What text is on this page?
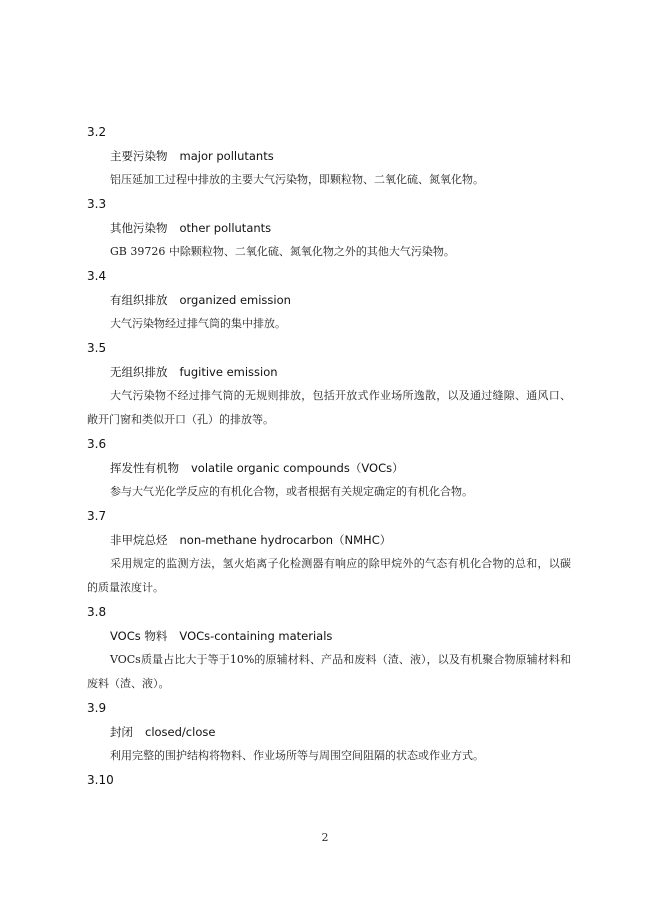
3.2
主要污染物 major pollutants
铝压延加工过程中排放的主要大气污染物，即颗粒物、二氧化硫、氮氧化物。
3.3
其他污染物 other pollutants
GB 39726 中除颗粒物、二氧化硫、氮氧化物之外的其他大气污染物。
3.4
有组织排放 organized emission
大气污染物经过排气筒的集中排放。
3.5
无组织排放 fugitive emission
大气污染物不经过排气筒的无规则排放，包括开放式作业场所逸散，以及通过缝隙、通风口、敞开门窗和类似开口（孔）的排放等。
3.6
挥发性有机物 volatile organic compounds（VOCs）
参与大气光化学反应的有机化合物，或者根据有关规定确定的有机化合物。
3.7
非甲烷总烃 non-methane hydrocarbon（NMHC）
采用规定的监测方法，氢火焰离子化检测器有响应的除甲烷外的气态有机化合物的总和，以碳的质量浓度计。
3.8
VOCs 物料 VOCs-containing materials
VOCs质量占比大于等于10%的原辅材料、产品和废料（渣、液），以及有机聚合物原辅材料和废料（渣、液）。
3.9
封闭 closed/close
利用完整的围护结构将物料、作业场所等与周围空间阻隔的状态或作业方式。
3.10
2
